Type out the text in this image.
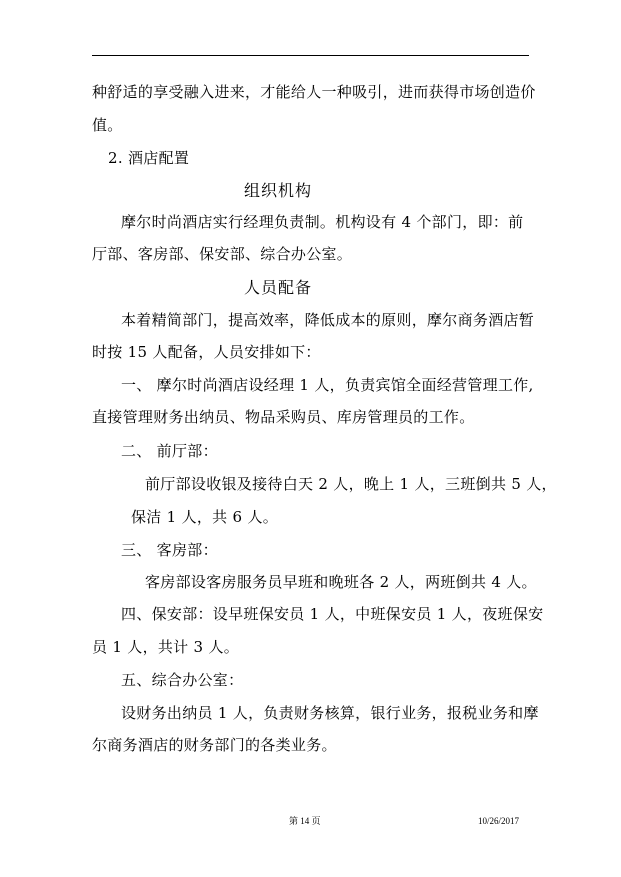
种舒适的享受融入进来，才能给人一种吸引，进而获得市场创造价
值。
2. 酒店配置
组织机构
摩尔时尚酒店实行经理负责制。机构设有 4 个部门，即：前
厅部、客房部、保安部、综合办公室。
人员配备
本着精简部门，提高效率，降低成本的原则，摩尔商务酒店暂
时按 15 人配备，人员安排如下：
一、 摩尔时尚酒店设经理 1 人，负责宾馆全面经营管理工作,
直接管理财务出纳员、物品采购员、库房管理员的工作。
二、 前厅部：
前厅部设收银及接待白天 2 人，晚上 1 人，三班倒共 5 人，
保洁 1 人，共 6 人。
三、 客房部：
客房部设客房服务员早班和晚班各 2 人，两班倒共 4 人。
四、保安部：设早班保安员 1 人，中班保安员 1 人，夜班保安
员 1 人，共计 3 人。
五、综合办公室：
设财务出纳员 1 人，负责财务核算，银行业务，报税业务和摩
尔商务酒店的财务部门的各类业务。
第 14 页	10/26/2017
